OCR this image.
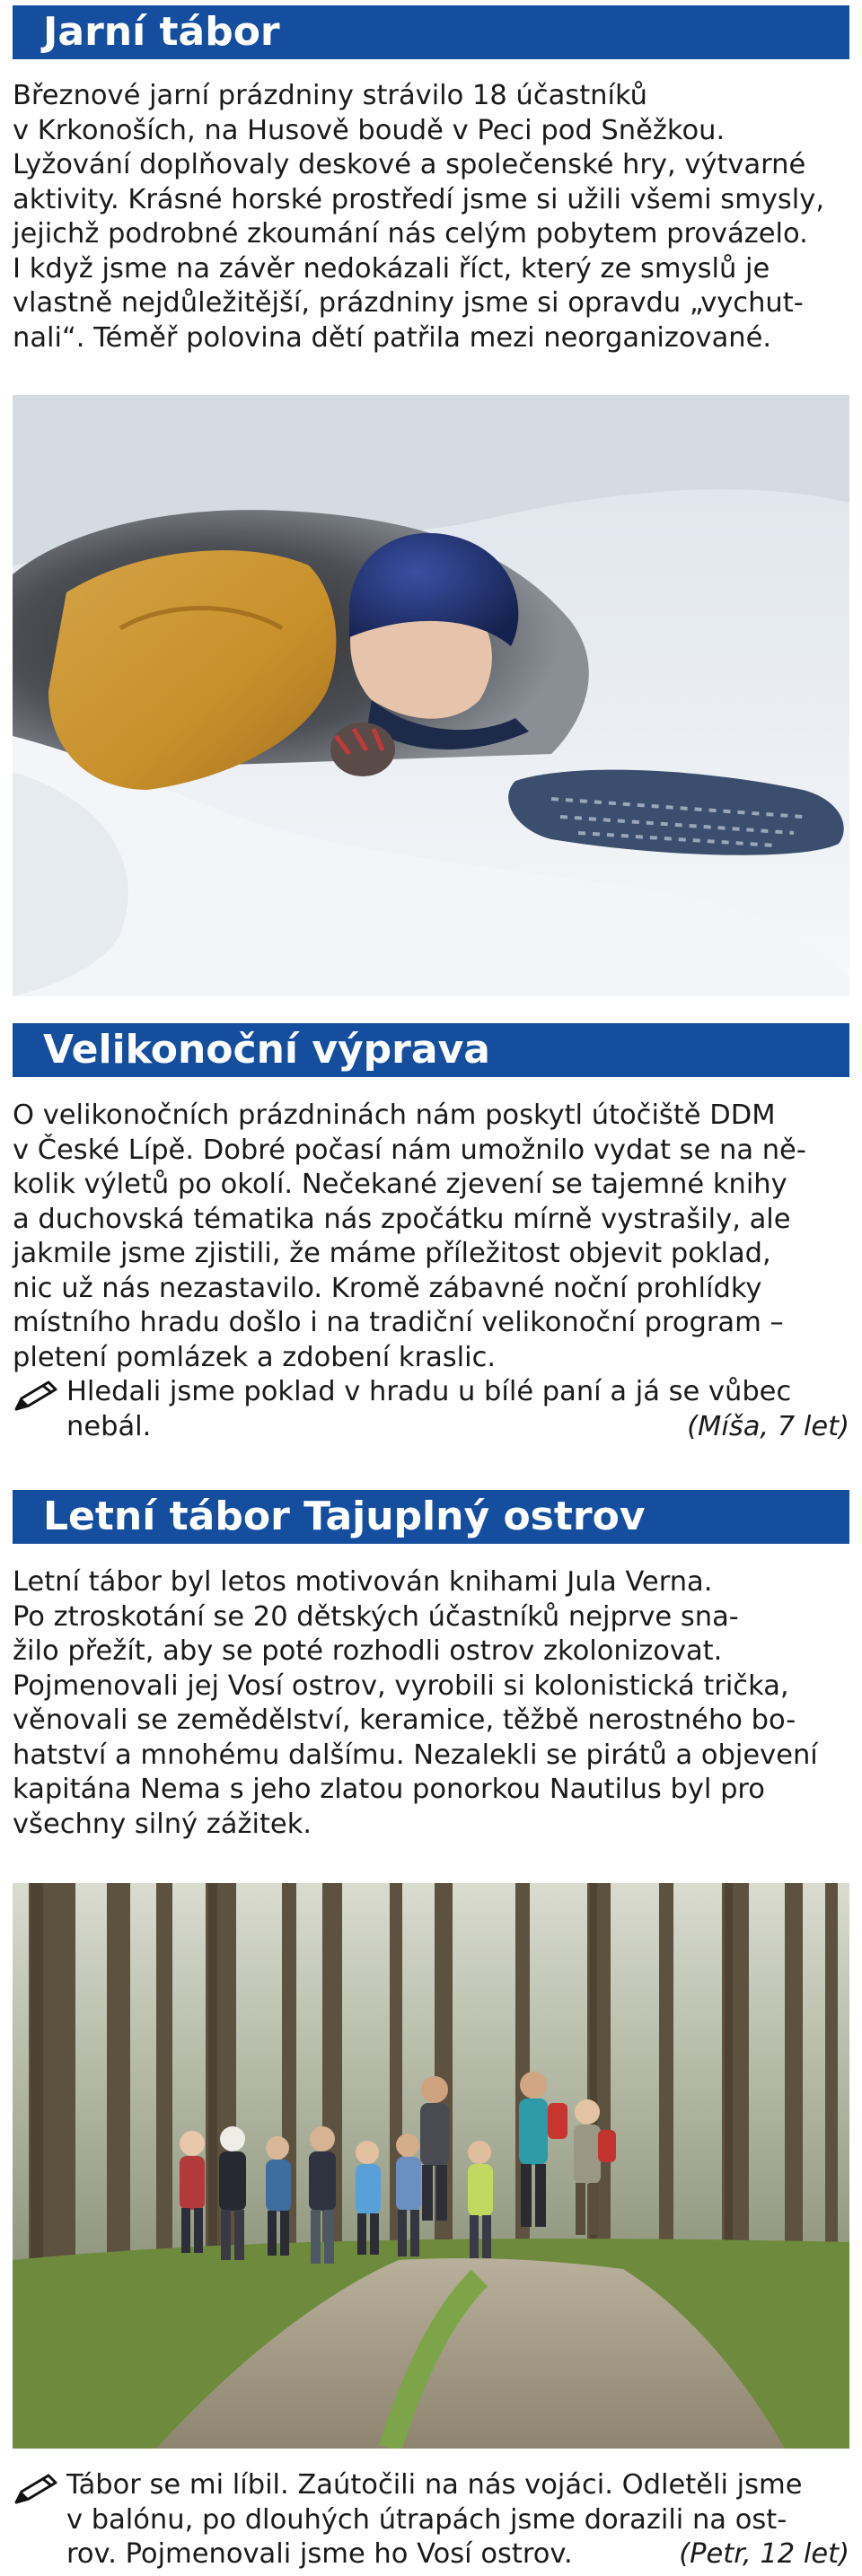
Jarní tábor
Březnové jarní prázdniny strávilo 18 účastníků
v Krkonoších, na Husově boudě v Peci pod Sněžkou.
Lyžování doplňovaly deskové a společenské hry, výtvarné
aktivity. Krásné horské prostředí jsme si užili všemi smysly,
jejichž podrobné zkoumání nás celým pobytem provázelo.
I když jsme na závěr nedokázali říct, který ze smyslů je
vlastně nejdůležitější, prázdniny jsme si opravdu „vychut-
nali“. Téměř polovina dětí patřila mezi neorganizované.
Velikonoční výprava
O velikonočních prázdninách nám poskytl útočiště DDM
v České Lípě. Dobré počasí nám umožnilo vydat se na ně-
kolik výletů po okolí. Nečekané zjevení se tajemné knihy
a duchovská tématika nás zpočátku mírně vystrašily, ale
jakmile jsme zjistili, že máme příležitost objevit poklad,
nic už nás nezastavilo. Kromě zábavné noční prohlídky
místního hradu došlo i na tradiční velikonoční program –
pletení pomlázek a zdobení kraslic.
Hledali jsme poklad v hradu u bílé paní a já se vůbec
nebál.	(Míša, 7 let)
Letní tábor Tajuplný ostrov
Letní tábor byl letos motivován knihami Jula Verna.
Po ztroskotání se 20 dětských účastníků nejprve sna-
žilo přežít, aby se poté rozhodli ostrov zkolonizovat.
Pojmenovali jej Vosí ostrov, vyrobili si kolonistická trička,
věnovali se zemědělství, keramice, těžbě nerostného bo-
hatství a mnohému dalšímu. Nezalekli se pirátů a objevení
kapitána Nema s jeho zlatou ponorkou Nautilus byl pro
všechny silný zážitek.
Tábor se mi líbil. Zaútočili na nás vojáci. Odletěli jsme
v balónu, po dlouhých útrapách jsme dorazili na ost-
rov. Pojmenovali jsme ho Vosí ostrov.	(Petr, 12 let)
